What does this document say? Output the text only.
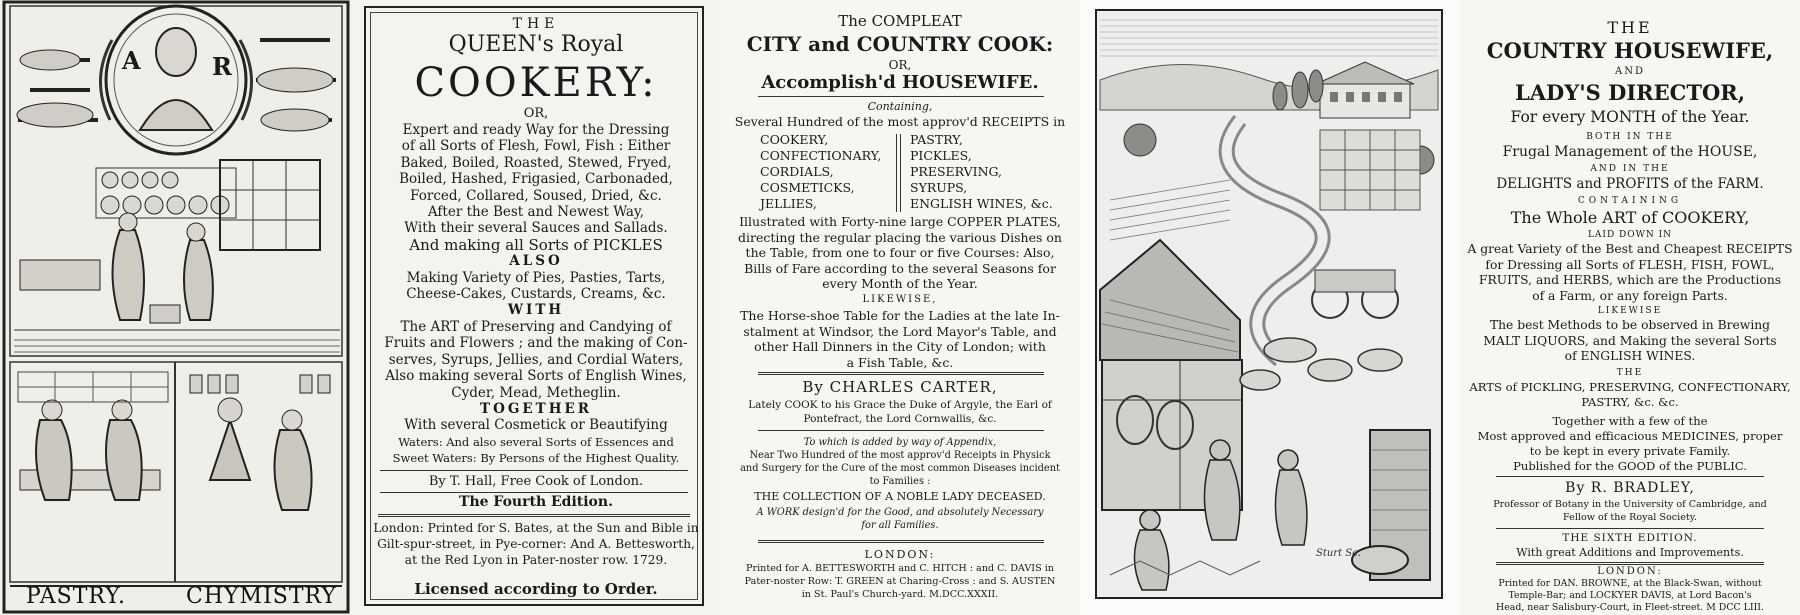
A	R
PASTRY.	CHYMISTRY
THE
QUEEN's Royal
COOKERY:
OR,
Expert and ready Way for the Dressing
of all Sorts of Flesh, Fowl, Fish : Either
Baked, Boiled, Roasted, Stewed, Fryed,
Boiled, Hashed, Frigasied, Carbonaded,
Forced, Collared, Soused, Dried, &c.
After the Best and Newest Way,
With their several Sauces and Sallads.
And making all Sorts of PICKLES
ALSO
Making Variety of Pies, Pasties, Tarts,
Cheese-Cakes, Custards, Creams, &c.
WITH
The ART of Preserving and Candying of
Fruits and Flowers ; and the making of Con-
serves, Syrups, Jellies, and Cordial Waters,
Also making several Sorts of English Wines,
Cyder, Mead, Metheglin.
TOGETHER
With several Cosmetick or Beautifying
Waters: And also several Sorts of Essences and
Sweet Waters: By Persons of the Highest Quality.
By T. Hall, Free Cook of London.
The Fourth Edition.
London: Printed for S. Bates, at the Sun and Bible in
Gilt-spur-street, in Pye-corner: And A. Bettesworth,
at the Red Lyon in Pater-noster row. 1729.
Licensed according to Order.
The COMPLEAT
CITY and COUNTRY COOK:
OR,
Accomplish'd HOUSEWIFE.
Containing,
Several Hundred of the most approv'd RECEIPTS in
COOKERY,
CONFECTIONARY,
CORDIALS,
COSMETICKS,
JELLIES,
PASTRY,
PICKLES,
PRESERVING,
SYRUPS,
ENGLISH WINES, &c.
Illustrated with Forty-nine large COPPER PLATES,
directing the regular placing the various Dishes on
the Table, from one to four or five Courses: Also,
Bills of Fare according to the several Seasons for
every Month of the Year.
LIKEWISE,
The Horse-shoe Table for the Ladies at the late In-
stalment at Windsor, the Lord Mayor's Table, and
other Hall Dinners in the City of London; with
a Fish Table, &c.
By CHARLES CARTER,
Lately COOK to his Grace the Duke of Argyle, the Earl of
Pontefract, the Lord Cornwallis, &c.
To which is added by way of Appendix,
Near Two Hundred of the most approv'd Receipts in Physick
and Surgery for the Cure of the most common Diseases incident
to Families :
THE COLLECTION OF A NOBLE LADY DECEASED.
A WORK design'd for the Good, and absolutely Necessary
for all Families.
LONDON:
Printed for A. BETTESWORTH and C. HITCH : and C. DAVIS in
Pater-noster Row: T. GREEN at Charing-Cross : and S. AUSTEN
in St. Paul's Church-yard. M.DCC.XXXII.
Sturt Sc.
THE
COUNTRY HOUSEWIFE,
AND
LADY'S DIRECTOR,
For every MONTH of the Year.
BOTH IN THE
Frugal Management of the HOUSE,
AND IN THE
DELIGHTS and PROFITS of the FARM.
CONTAINING
The Whole ART of COOKERY,
LAID DOWN IN
A great Variety of the Best and Cheapest RECEIPTS
for Dressing all Sorts of FLESH, FISH, FOWL,
FRUITS, and HERBS, which are the Productions
of a Farm, or any foreign Parts.
LIKEWISE
The best Methods to be observed in Brewing
MALT LIQUORS, and Making the several Sorts
of ENGLISH WINES.
THE
ARTS of PICKLING, PRESERVING, CONFECTIONARY,
PASTRY, &c. &c.
Together with a few of the
Most approved and efficacious MEDICINES, proper
to be kept in every private Family.
Published for the GOOD of the PUBLIC.
By R. BRADLEY,
Professor of Botany in the University of Cambridge, and
Fellow of the Royal Society.
THE SIXTH EDITION.
With great Additions and Improvements.
LONDON:
Printed for DAN. BROWNE, at the Black-Swan, without
Temple-Bar; and LOCKYER DAVIS, at Lord Bacon's
Head, near Salisbury-Court, in Fleet-street. M DCC LIII.
